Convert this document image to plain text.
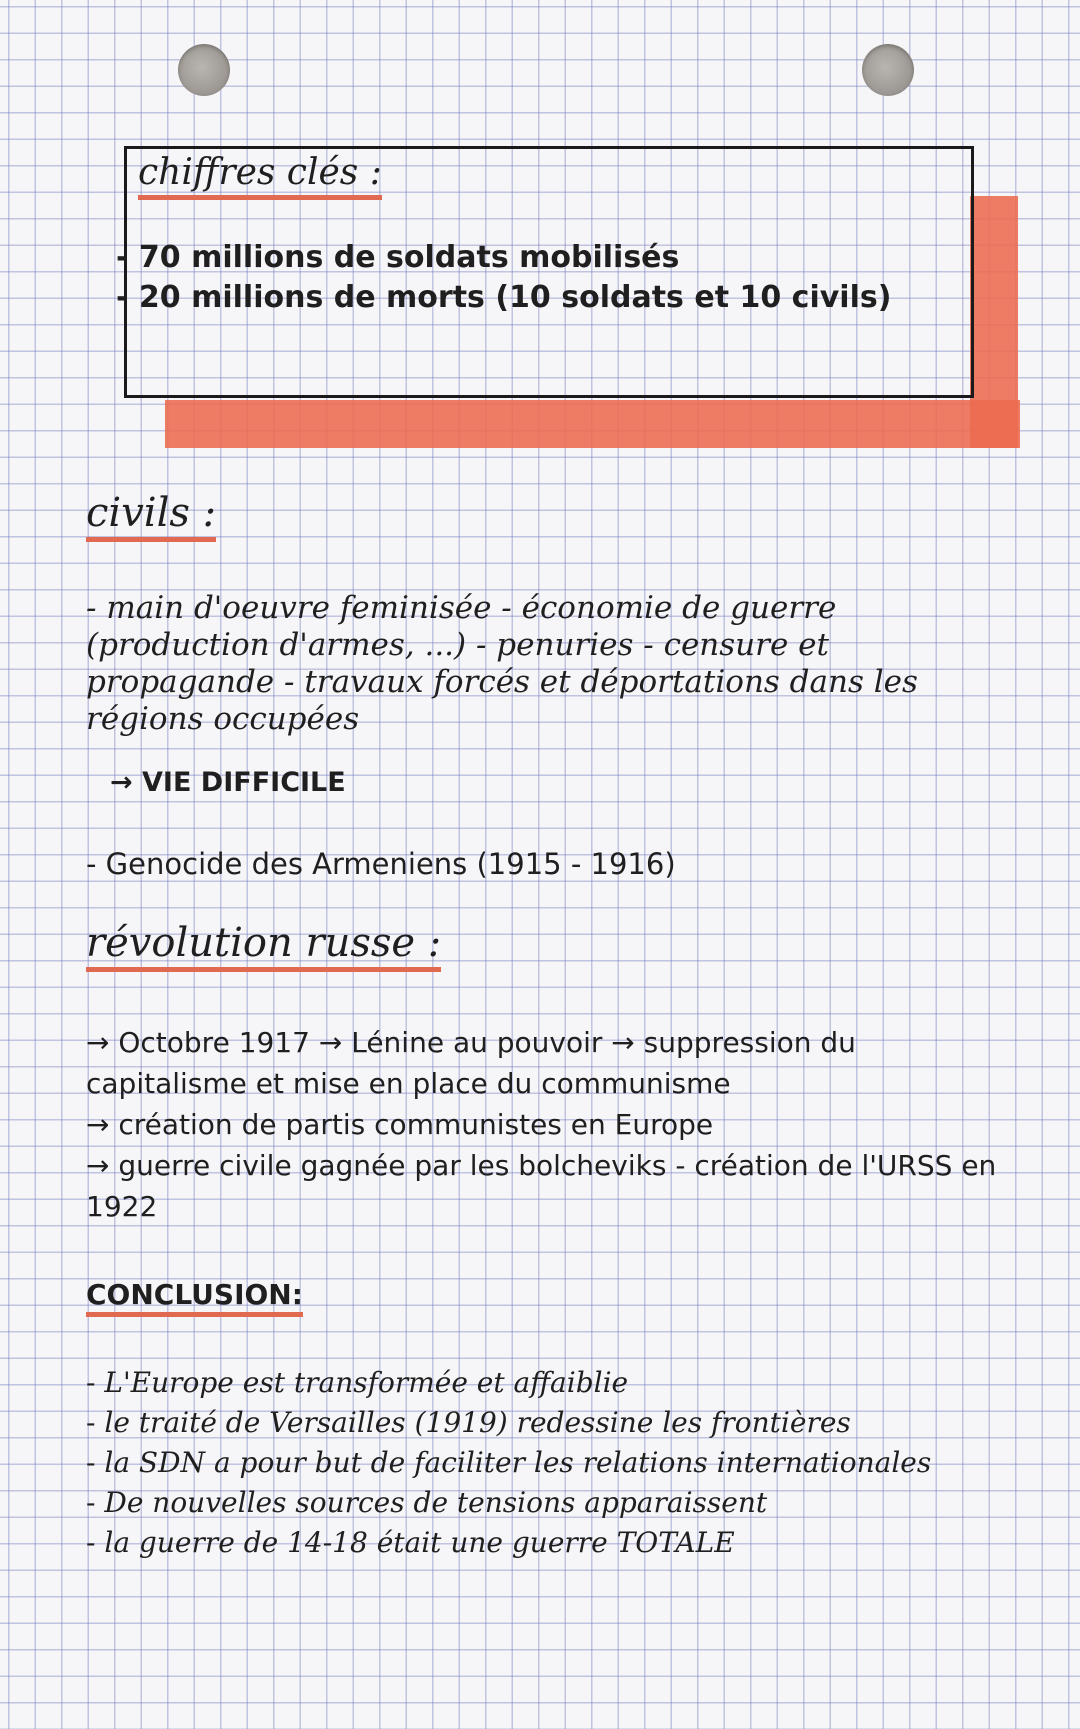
chiffres clés :
- 70 millions de soldats mobilisés
- 20 millions de morts (10 soldats et 10 civils)
civils :

- main d'oeuvre feminisée - économie de guerre (production d'armes, ...) - penuries - censure et propagande - travaux forcés et déportations dans les régions occupées

→ VIE DIFFICILE

- Genocide des Armeniens (1915 - 1916)

révolution russe :
→ Octobre 1917 → Lénine au pouvoir → suppression du capitalisme et mise en place du communisme
→ création de partis communistes en Europe
→ guerre civile gagnée par les bolcheviks - création de l'URSS en 1922
CONCLUSION:
- L'Europe est transformée et affaiblie
- le traité de Versailles (1919) redessine les frontières
- la SDN a pour but de faciliter les relations internationales
- De nouvelles sources de tensions apparaissent
- la guerre de 14-18 était une guerre TOTALE
